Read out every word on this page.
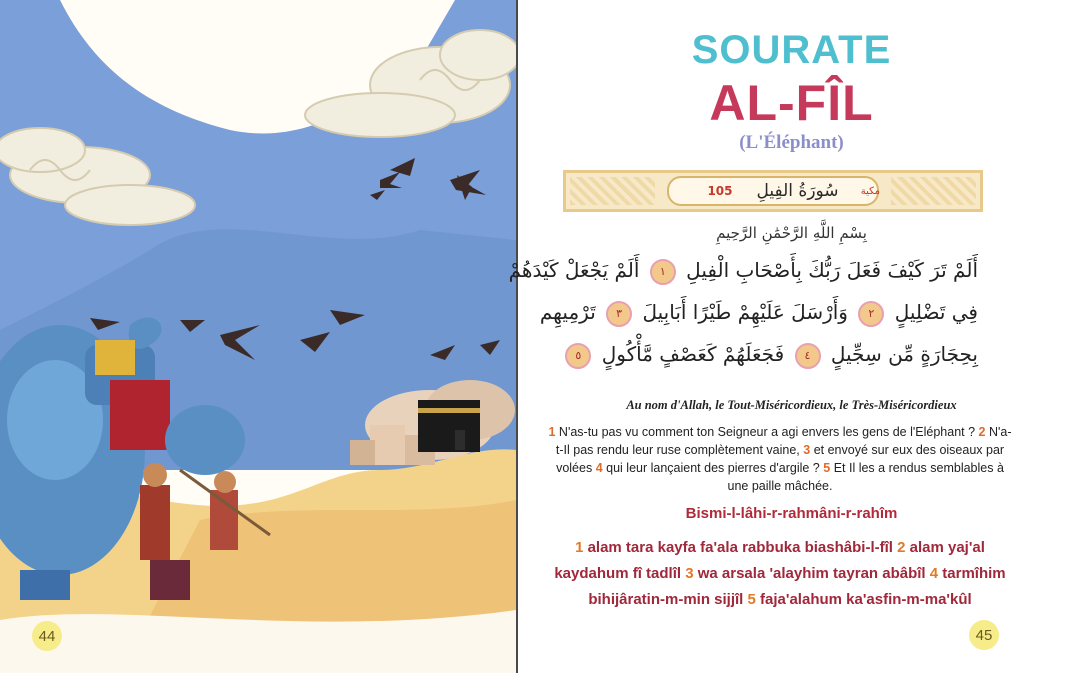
44
SOURATE
AL-FÎL
(L'Éléphant)
105 سُورَةُ الفِيلِ مكية
بِسْمِ اللَّهِ الرَّحْمَٰنِ الرَّحِيمِ
أَلَمْ تَرَ كَيْفَ فَعَلَ رَبُّكَ بِأَصْحَابِ الْفِيلِ ١ أَلَمْ يَجْعَلْ كَيْدَهُمْ
فِي تَضْلِيلٍ ٢ وَأَرْسَلَ عَلَيْهِمْ طَيْرًا أَبَابِيلَ ٣ تَرْمِيهِم
بِحِجَارَةٍ مِّن سِجِّيلٍ ٤ فَجَعَلَهُمْ كَعَصْفٍ مَّأْكُولٍ ٥
Au nom d'Allah, le Tout-Miséricordieux, le Très-Miséricordieux
1 N'as-tu pas vu comment ton Seigneur a agi envers les gens de l'Eléphant ? 2 N'a-t-Il pas rendu leur ruse complètement vaine, 3 et envoyé sur eux des oiseaux par volées 4 qui leur lançaient des pierres d'argile ? 5 Et Il les a rendus semblables à une paille mâchée.
Bismi-l-lâhi-r-rahmâni-r-rahîm
1 alam tara kayfa fa'ala rabbuka biashâbi-l-fîl 2 alam yaj'al kaydahum fî tadlîl 3 wa arsala 'alayhim tayran abâbîl 4 tarmîhim bihijâratin-m-min sijjîl 5 faja'alahum ka'asfin-m-ma'kûl
45
